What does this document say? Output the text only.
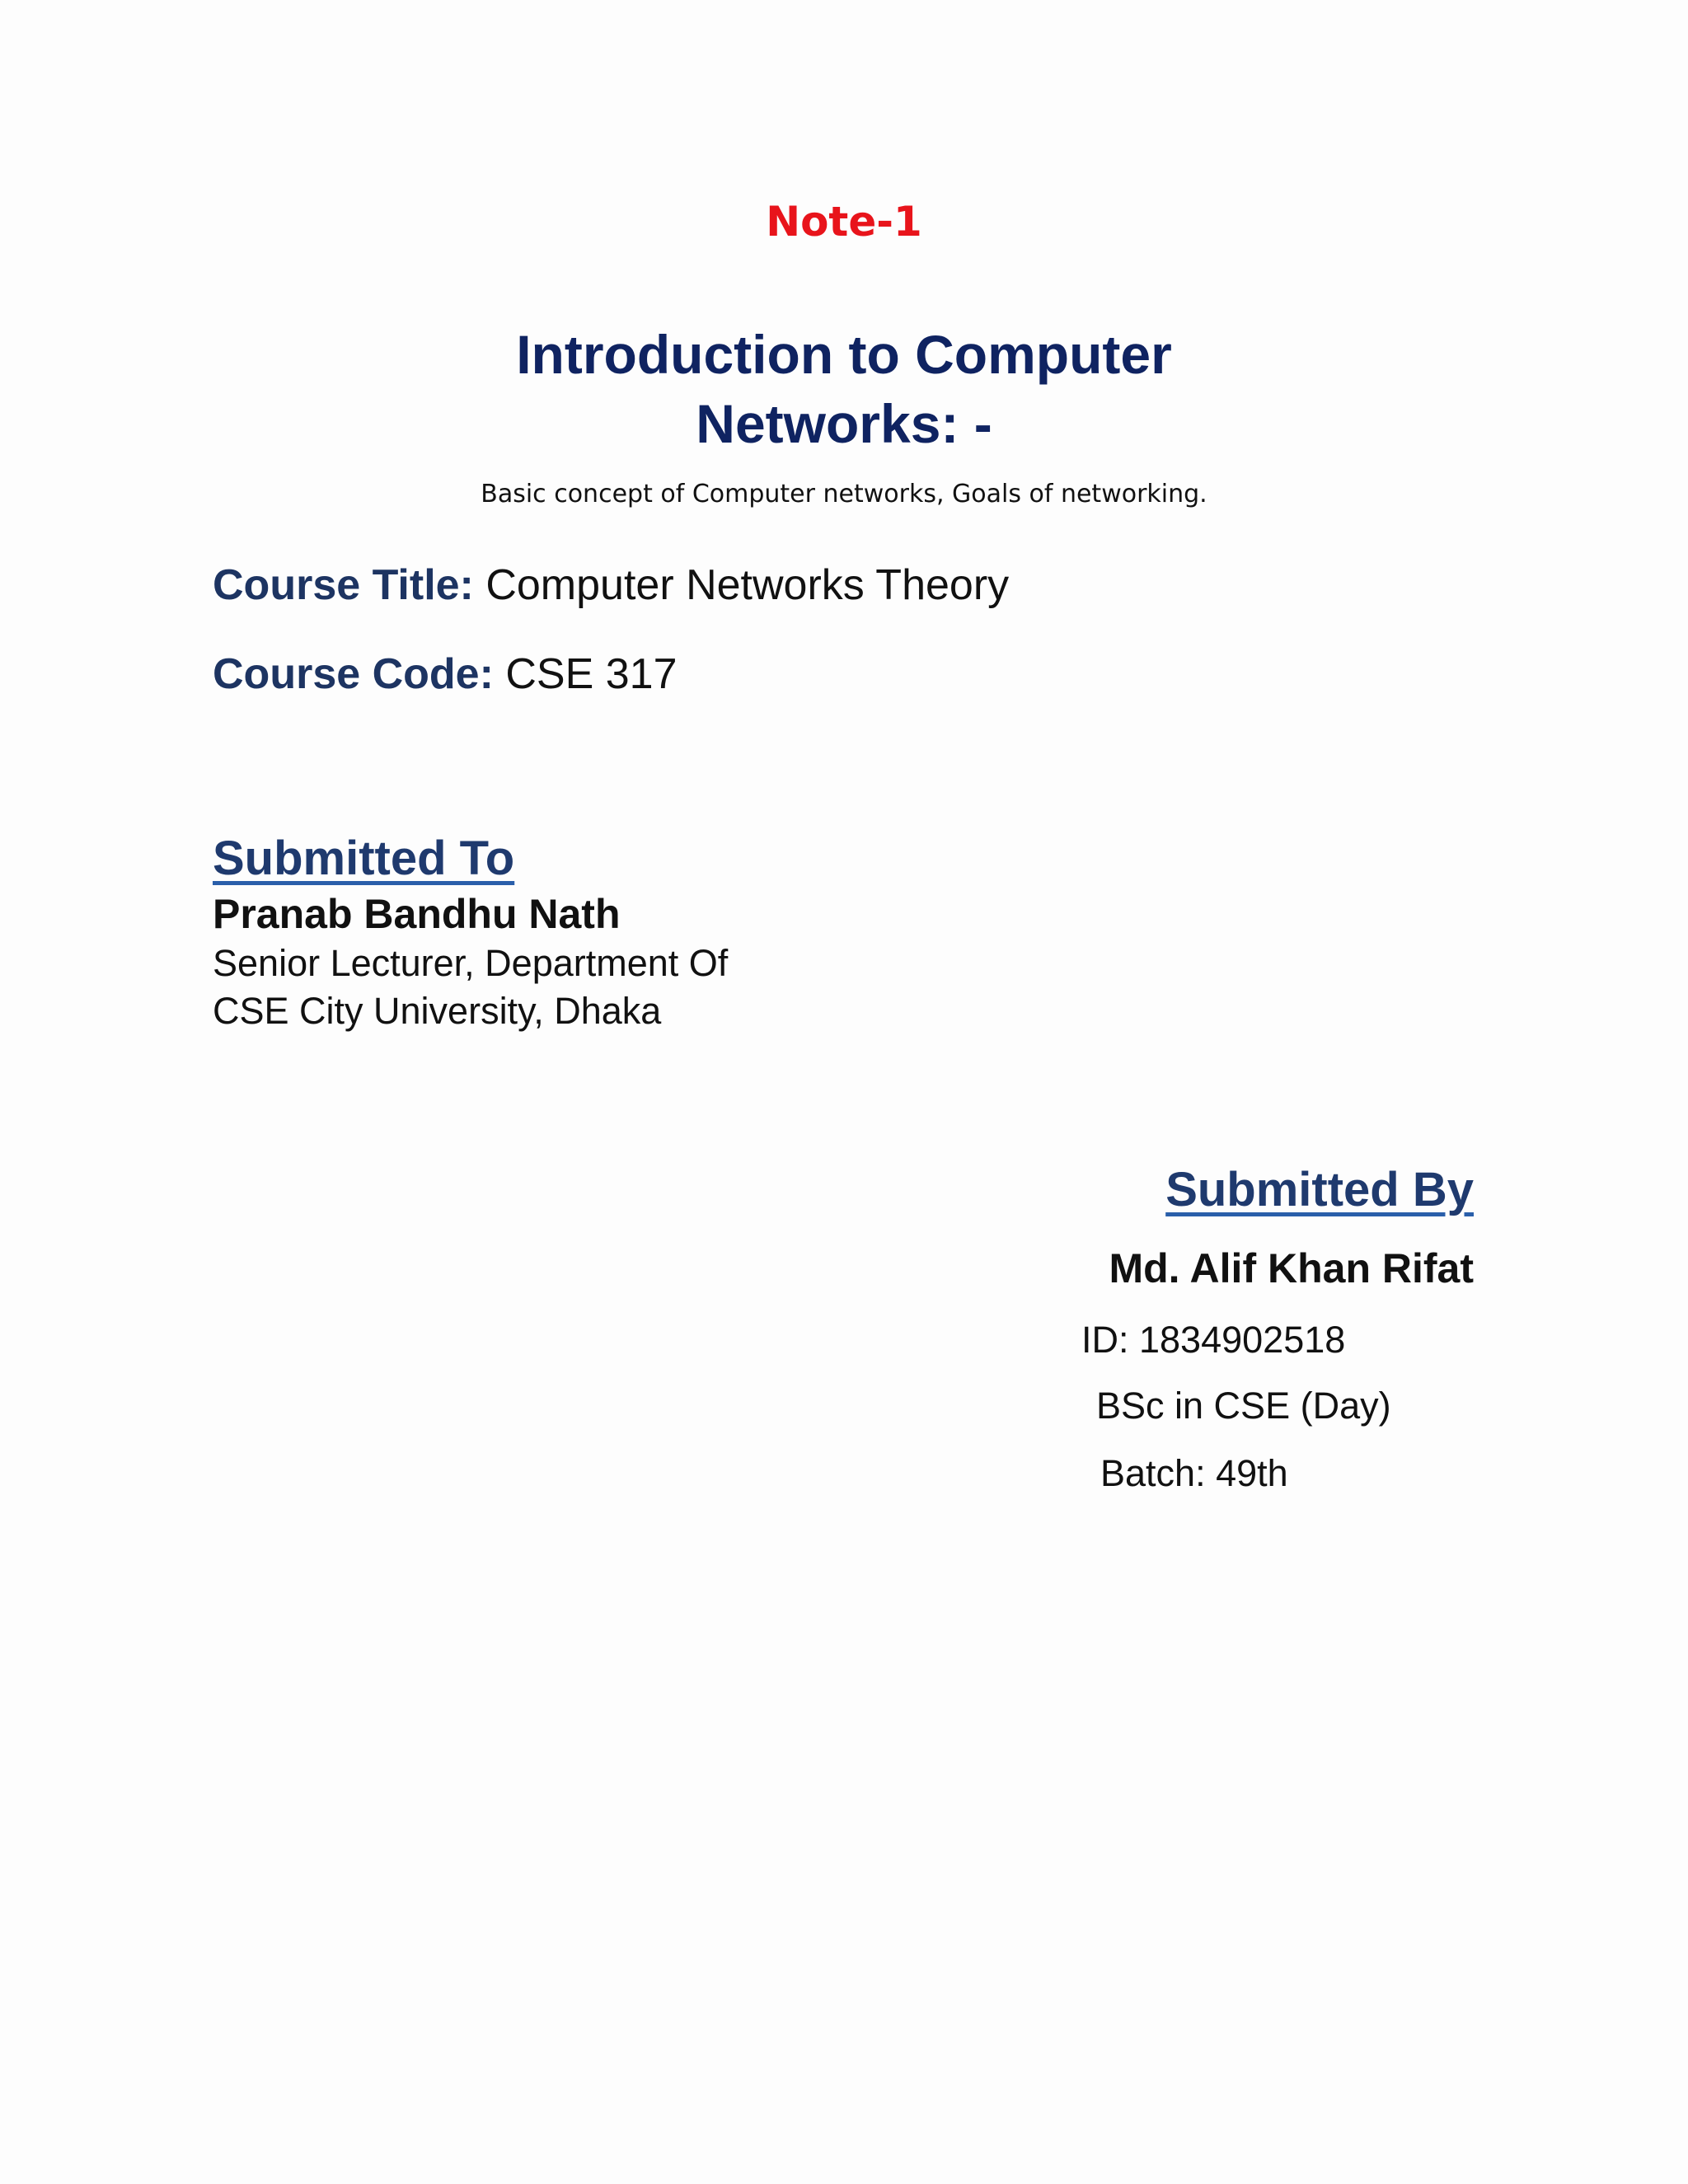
Note-1
Introduction to Computer
Networks: -
Basic concept of Computer networks, Goals of networking.
Course Title: Computer Networks Theory
Course Code: CSE 317
Submitted To
Pranab Bandhu Nath
Senior Lecturer, Department Of
CSE City University, Dhaka
Submitted By
Md. Alif Khan Rifat
ID: 1834902518
BSc in CSE (Day)
Batch: 49th
